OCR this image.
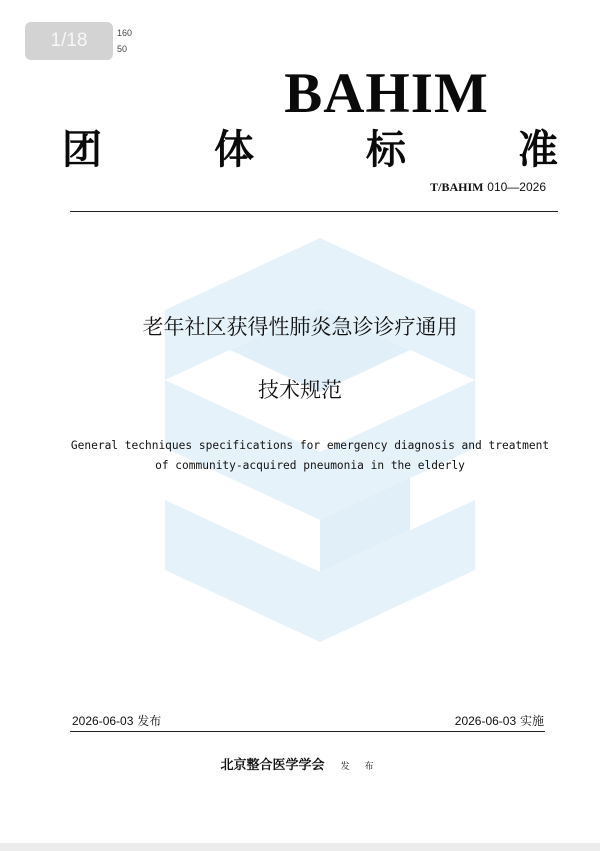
1/18	160
50
BAHIM
团	体	标	准
T/BAHIM 010—2026
老年社区获得性肺炎急诊诊疗通用
技术规范
General techniques specifications for emergency diagnosis and treatment
of community-acquired pneumonia in the elderly
2026-06-03 发布	2026-06-03 实施
北京整合医学学会 发 布
